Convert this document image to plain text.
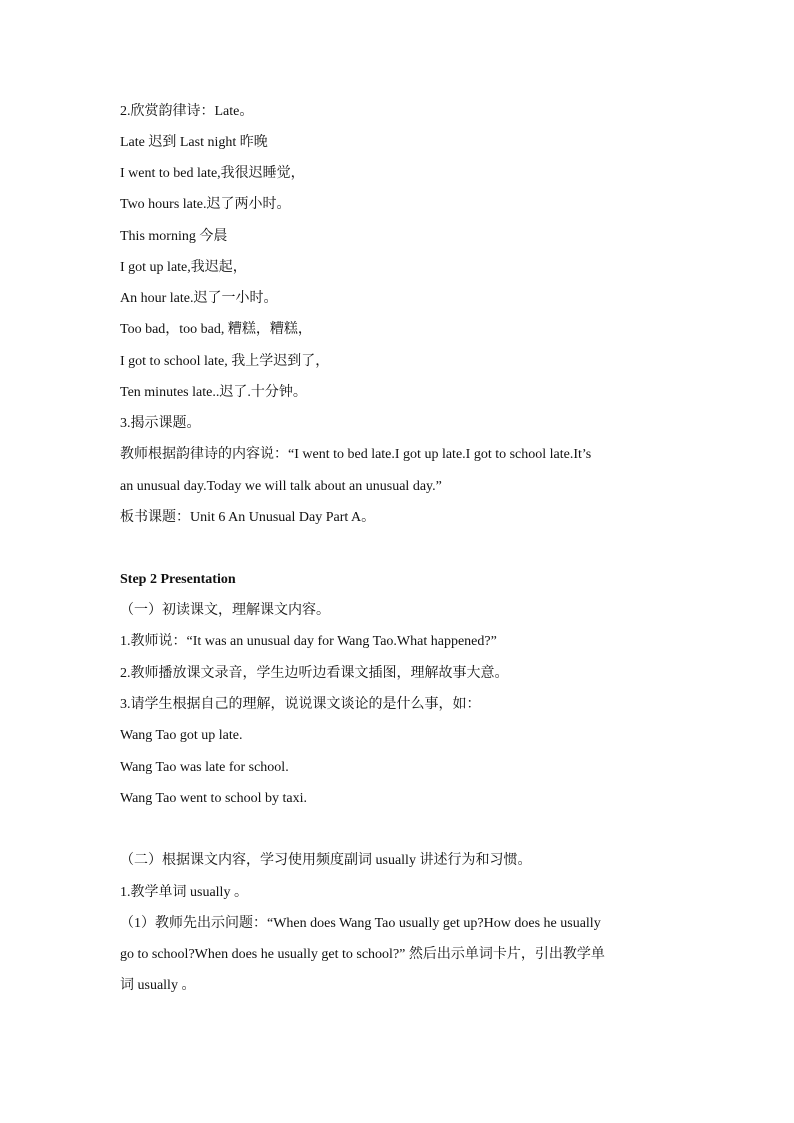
2.欣赏韵律诗：Late。
Late 迟到 Last night 昨晚
I went to bed late,我很迟睡觉，
Two hours late.迟了两小时。
This morning 今晨
I got up late,我迟起，
An hour late.迟了一小时。
Too bad，too bad, 糟糕，糟糕，
I got to school late, 我上学迟到了，
Ten minutes late..迟了.十分钟。
3.揭示课题。
教师根据韵律诗的内容说：“I went to bed late.I got up late.I got to school late.It’s
an unusual day.Today we will talk about an unusual day.”
板书课题：Unit 6 An Unusual Day Part A。
Step 2 Presentation
（一）初读课文，理解课文内容。
1.教师说：“It was an unusual day for Wang Tao.What happened?”
2.教师播放课文录音，学生边听边看课文插图，理解故事大意。
3.请学生根据自己的理解，说说课文谈论的是什么事，如：
Wang Tao got up late.
Wang Tao was late for school.
Wang Tao went to school by taxi.
（二）根据课文内容，学习使用频度副词 usually 讲述行为和习惯。
1.教学单词 usually 。
（1）教师先出示问题：“When does Wang Tao usually get up?How does he usually
go to school?When does he usually get to school?” 然后出示单词卡片，引出教学单
词 usually 。
